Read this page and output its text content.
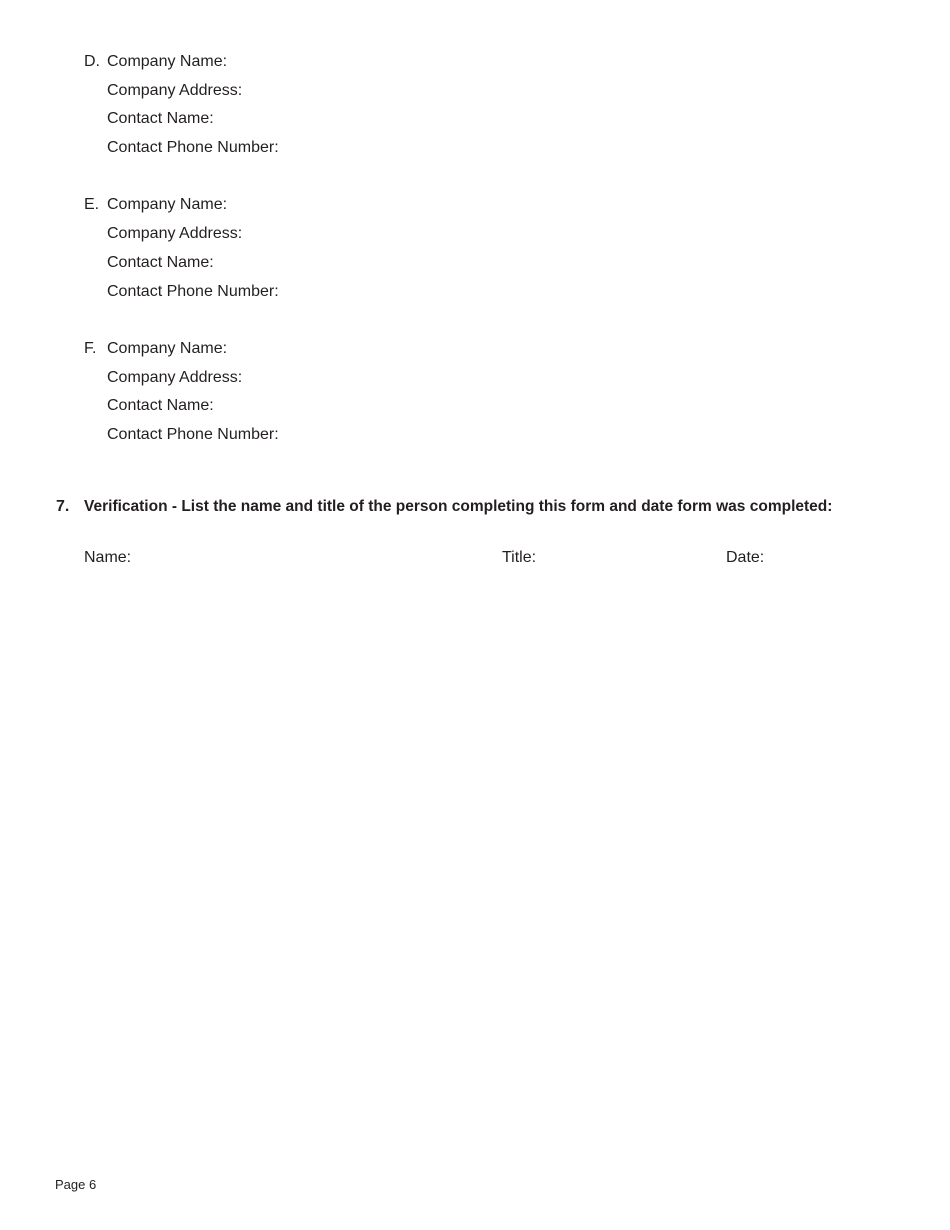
D. Company Name:
Company Address:
Contact Name:
Contact Phone Number:
E. Company Name:
Company Address:
Contact Name:
Contact Phone Number:
F. Company Name:
Company Address:
Contact Name:
Contact Phone Number:
7. Verification - List the name and title of the person completing this form and date form was completed:
Name:	Title:	Date:
Page 6
